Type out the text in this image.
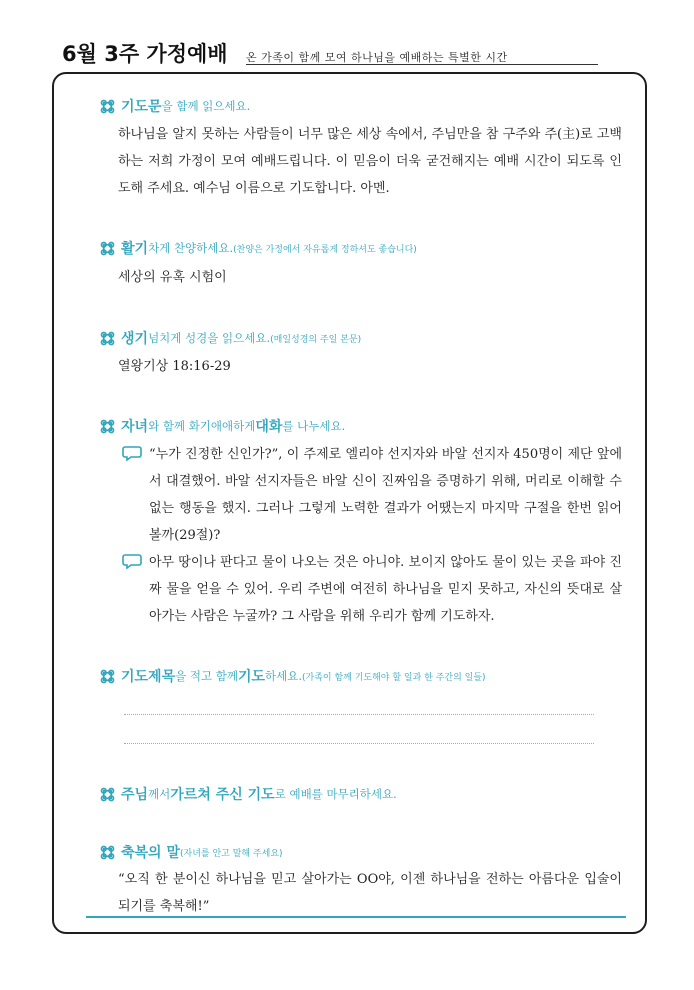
6월 3주 가정예배 온 가족이 함께 모여 하나님을 예배하는 특별한 시간
기도문 을 함께 읽으세요.
하나님을 알지 못하는 사람들이 너무 많은 세상 속에서, 주님만을 참 구주와 주(主)로 고백하는 저희 가정이 모여 예배드립니다. 이 믿음이 더욱 굳건해지는 예배 시간이 되도록 인도해 주세요. 예수님 이름으로 기도합니다. 아멘.
활기 차게 찬양하세요. (찬양은 가정에서 자유롭게 정하셔도 좋습니다)
세상의 유혹 시험이
생기 넘치게 성경을 읽으세요. (매일성경의 주일 본문)
열왕기상 18:16-29
자녀 와 함께 화기애애하게 대화 를 나누세요.
“누가 진정한 신인가?”, 이 주제로 엘리야 선지자와 바알 선지자 450명이 제단 앞에서 대결했어. 바알 선지자들은 바알 신이 진짜임을 증명하기 위해, 머리로 이해할 수 없는 행동을 했지. 그러나 그렇게 노력한 결과가 어땠는지 마지막 구절을 한번 읽어 볼까(29절)?
아무 땅이나 판다고 물이 나오는 것은 아니야. 보이지 않아도 물이 있는 곳을 파야 진짜 물을 얻을 수 있어. 우리 주변에 여전히 하나님을 믿지 못하고, 자신의 뜻대로 살아가는 사람은 누굴까? 그 사람을 위해 우리가 함께 기도하자.
기도제목 을 적고 함께 기도 하세요. (가족이 함께 기도해야 할 일과 한 주간의 일들)
주님 께서 가르쳐 주신 기도 로 예배를 마무리하세요.
축복의 말 (자녀를 안고 말해 주세요)
“오직 한 분이신 하나님을 믿고 살아가는 OO야, 이젠 하나님을 전하는 아름다운 입술이 되기를 축복해!”
